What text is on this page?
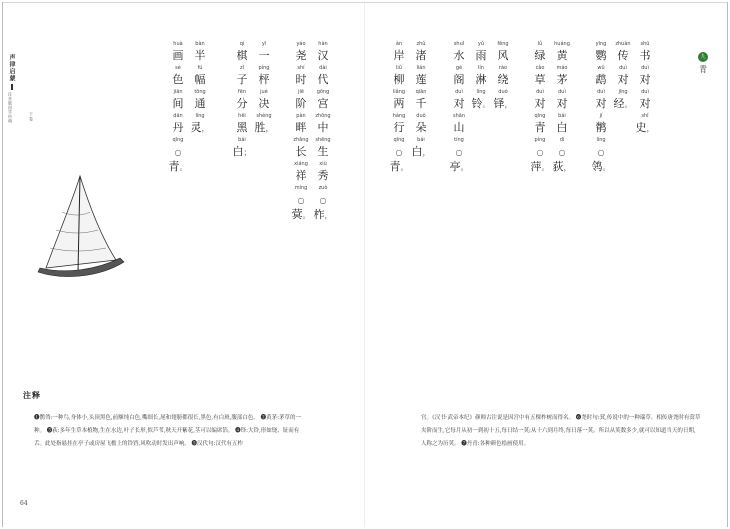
声律启蒙
注音版国学经典	下卷
九
青
shū
书
duì
对
duì
对
shǐ
史，
zhuàn
传
duì
对
jīng
经。
yīng
鹦
wǔ
鹉
duì
对
jí
鹡
líng
○鸰。
huáng
黄
máo
茅
duì
对
bái
白
dí
○荻，
lǜ
绿
cǎo
草
duì
对
qīng
青
píng
○萍。
fēng
风
rào
绕
duó
铎，
yǔ
雨
lín
淋
líng
铃。
shuǐ
水
gé
阁
duì
对
shān
山
tíng
○亭。
zhǔ
渚
lián
莲
qiān
千
duǒ
朵
bái
白，
àn
岸
liǔ
柳
liǎng
两
háng
行
qīng
○青。
hàn
汉
dài
代
gōng
宫
zhōng
中
shēng
生
xiù
秀
zuò
○柞，
yáo
尧
shí
时
jiē
阶
pàn
畔
zhǎng
长
xiáng
祥
míng
○蓂。
yī
一
píng
枰
jué
决
shèng
胜，
qí
棋
zǐ
子
fēn
分
hēi
黑
bái
白；
bàn
半
fú
幅
tōng
通
líng
灵，
huà
画
sè
色
jiān
间
dān
丹
qīng
○青。
注释
❶鹡鸰:一种鸟,身体小,头顶黑色,前额纯白色,嘴细长,尾和翅膀都很长,黑色,有白斑,腹部白色。 ❷黄茅:茅草的一种。 ❸荻:多年生草本植物,生在水边,叶子长形,似芦苇,秋天开紫花,茎可以编席箔。 ❹铎:大铃,形如铙、钲而有舌。此处指悬挂在亭子或房屋飞檐上的铃铛,风吹动时发出声响。 ❺汉代句:汉代有五柞
宫。《汉书·武帝本纪》颜师古注说是因宫中有五棵柞树而得名。 ❻尧时句:蓂,传说中的一种瑞草。相传唐尧时有蓂草夹阶而生,它每月从初一到初十五,每日结一荚;从十六到月终,每日落一荚。所以从荚数多少,就可以知道当天的日期,人称之为历荚。 ❼丹青:各种颜色绘画使用。
64
